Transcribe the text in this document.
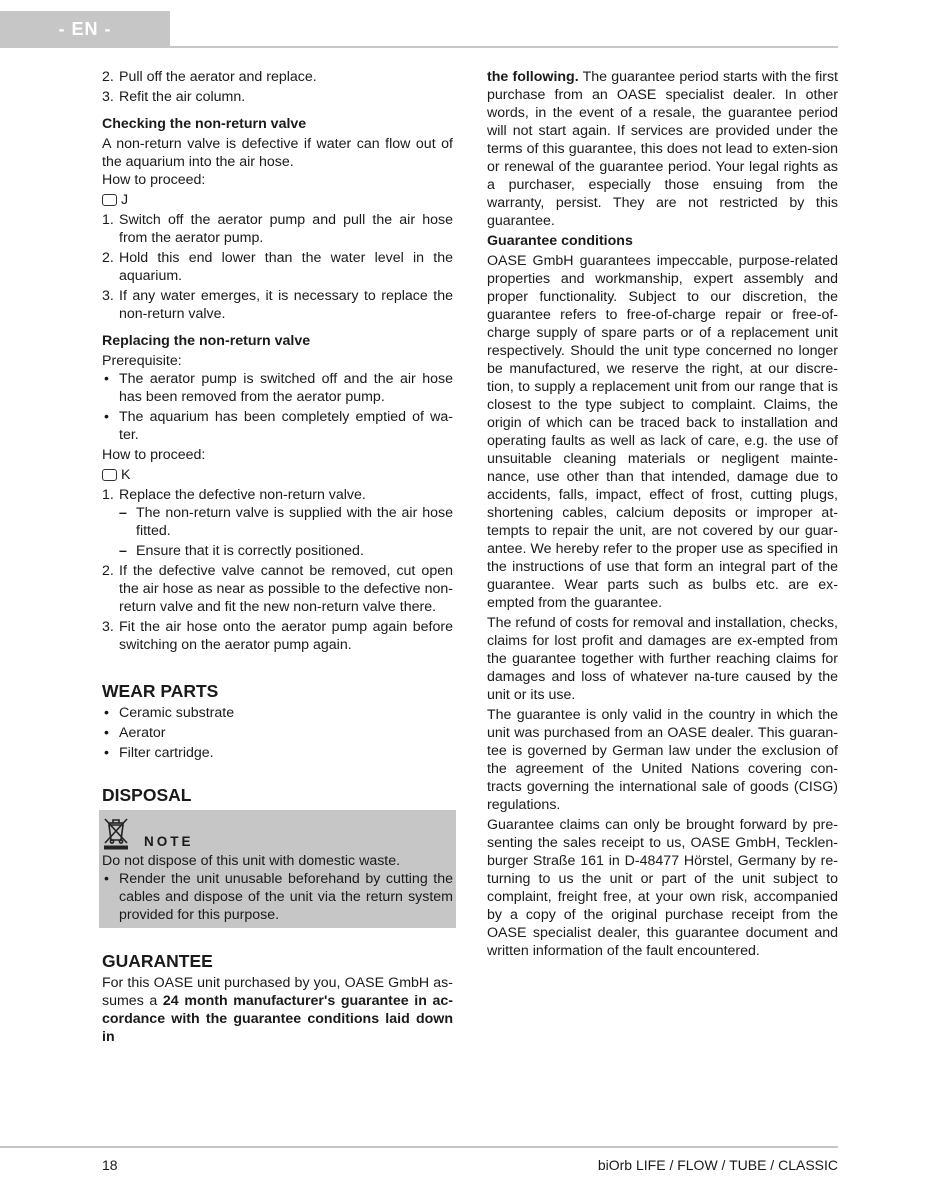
- EN -
2. Pull off the aerator and replace.
3. Refit the air column.

Checking the non-return valve

A non-return valve is defective if water can flow out of the aquarium into the air hose.

How to proceed:

J
1. Switch off the aerator pump and pull the air hose from the aerator pump.
2. Hold this end lower than the water level in the aquarium.
3. If any water emerges, it is necessary to replace the non-return valve.

Replacing the non-return valve

Prerequisite:

• The aerator pump is switched off and the air hose has been removed from the aerator pump.
• The aquarium has been completely emptied of wa-ter.

How to proceed:

K
1. Replace the defective non-return valve.
– The non-return valve is supplied with the air hose fitted.
– Ensure that it is correctly positioned.
2. If the defective valve cannot be removed, cut open the air hose as near as possible to the defective non-return valve and fit the new non-return valve there.
3. Fit the air hose onto the aerator pump again before switching on the aerator pump again.

WEAR PARTS

• Ceramic substrate
• Aerator
• Filter cartridge.

DISPOSAL

NOTE

Do not dispose of this unit with domestic waste.

• Render the unit unusable beforehand by cutting the cables and dispose of the unit via the return system provided for this purpose.

GUARANTEE

For this OASE unit purchased by you, OASE GmbH as-sumes a 24 month manufacturer's guarantee in ac-cordance with the guarantee conditions laid down in

the following. The guarantee period starts with the first purchase from an OASE specialist dealer. In other words, in the event of a resale, the guarantee period will not start again. If services are provided under the terms of this guarantee, this does not lead to exten-sion or renewal of the guarantee period. Your legal rights as a purchaser, especially those ensuing from the warranty, persist. They are not restricted by this guarantee.

Guarantee conditions

OASE GmbH guarantees impeccable, purpose-related properties and workmanship, expert assembly and proper functionality. Subject to our discretion, the guarantee refers to free-of-charge repair or free-of-charge supply of spare parts or of a replacement unit respectively. Should the unit type concerned no longer be manufactured, we reserve the right, at our discre-tion, to supply a replacement unit from our range that is closest to the type subject to complaint. Claims, the origin of which can be traced back to installation and operating faults as well as lack of care, e.g. the use of unsuitable cleaning materials or negligent mainte-nance, use other than that intended, damage due to accidents, falls, impact, effect of frost, cutting plugs, shortening cables, calcium deposits or improper at-tempts to repair the unit, are not covered by our guar-antee. We hereby refer to the proper use as specified in the instructions of use that form an integral part of the guarantee. Wear parts such as bulbs etc. are ex-empted from the guarantee.

The refund of costs for removal and installation, checks, claims for lost profit and damages are ex-empted from the guarantee together with further reaching claims for damages and loss of whatever na-ture caused by the unit or its use.

The guarantee is only valid in the country in which the unit was purchased from an OASE dealer. This guaran-tee is governed by German law under the exclusion of the agreement of the United Nations covering con-tracts governing the international sale of goods (CISG) regulations.

Guarantee claims can only be brought forward by pre-senting the sales receipt to us, OASE GmbH, Tecklen-burger Straße 161 in D-48477 Hörstel, Germany by re-turning to us the unit or part of the unit subject to complaint, freight free, at your own risk, accompanied by a copy of the original purchase receipt from the OASE specialist dealer, this guarantee document and written information of the fault encountered.

18	biOrb LIFE / FLOW / TUBE / CLASSIC
